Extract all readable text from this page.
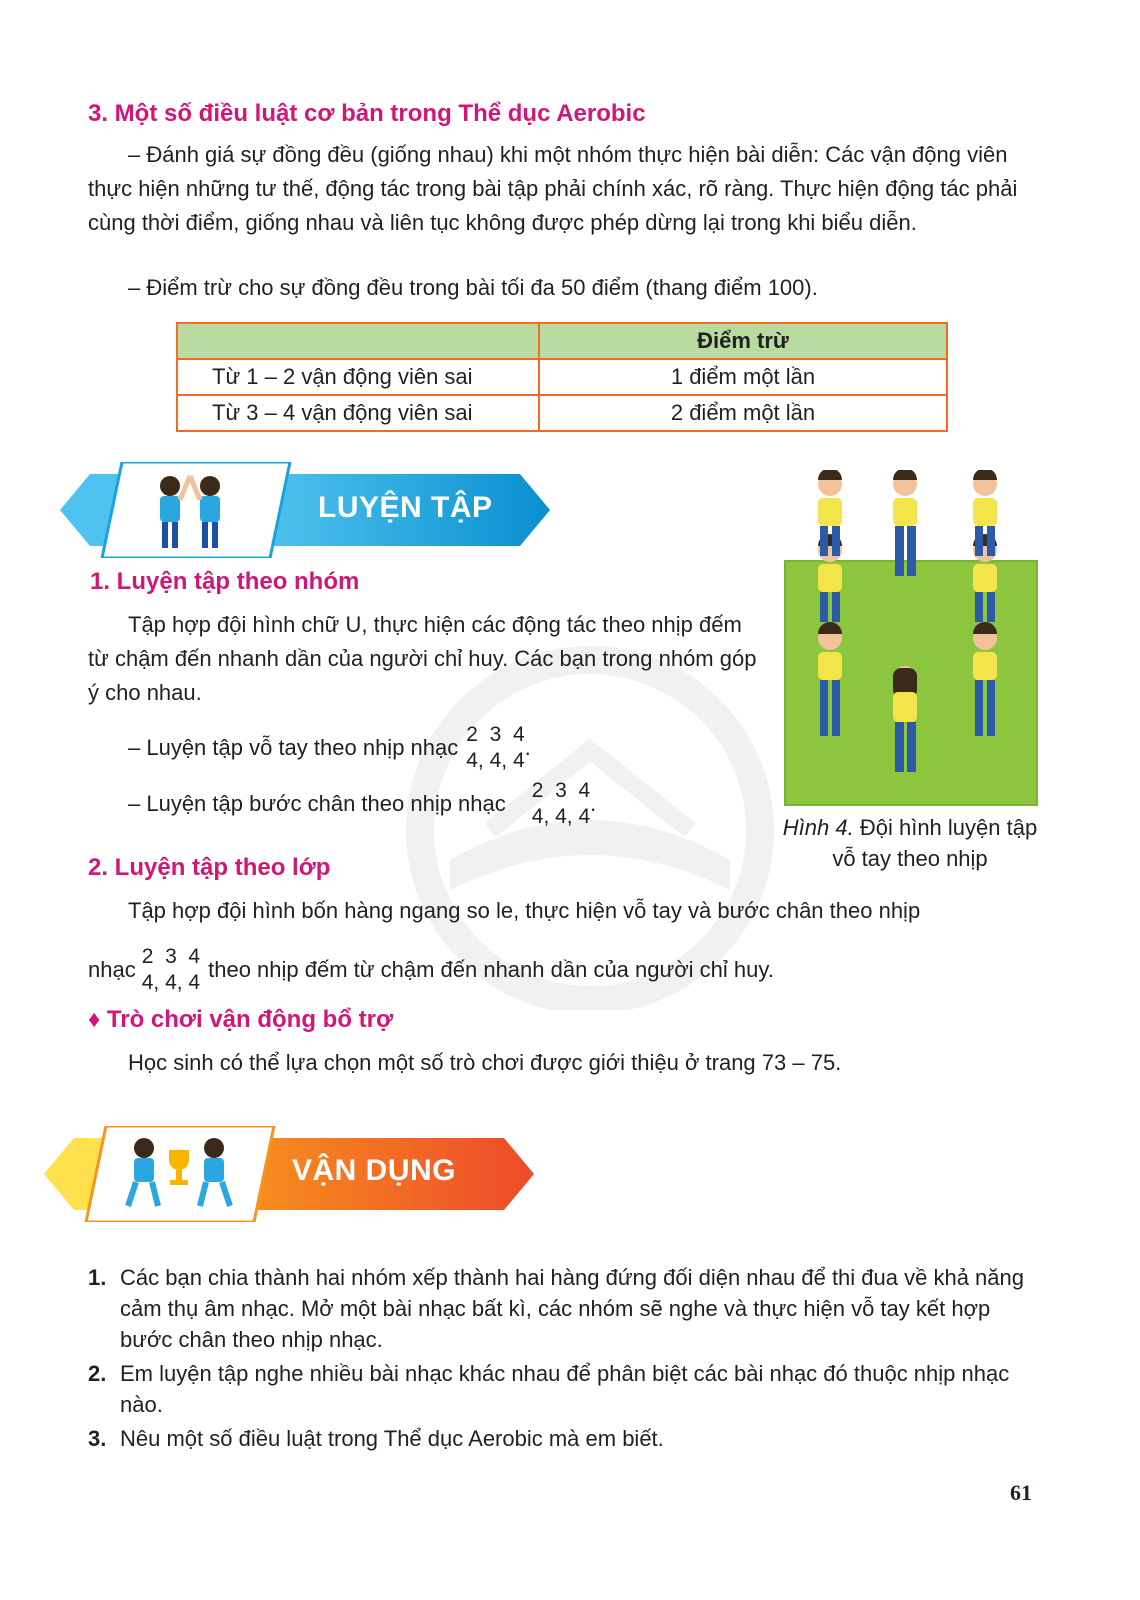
3. Một số điều luật cơ bản trong Thể dục Aerobic

– Đánh giá sự đồng đều (giống nhau) khi một nhóm thực hiện bài diễn: Các vận động viên thực hiện những tư thế, động tác trong bài tập phải chính xác, rõ ràng. Thực hiện động tác phải cùng thời điểm, giống nhau và liên tục không được phép dừng lại trong khi biểu diễn.

– Điểm trừ cho sự đồng đều trong bài tối đa 50 điểm (thang điểm 100).

	Điểm trừ
Từ 1 – 2 vận động viên sai	1 điểm một lần
Từ 3 – 4 vận động viên sai	2 điểm một lần
LUYỆN TẬP
1. Luyện tập theo nhóm

Tập hợp đội hình chữ U, thực hiện các động tác theo nhịp đếm từ chậm đến nhanh dần của người chỉ huy. Các bạn trong nhóm góp ý cho nhau.

– Luyện tập vỗ tay theo nhịp nhạc
2  3  4
4, 4, 4
.
– Luyện tập bước chân theo nhịp nhạc
2  3  4
4, 4, 4
.
Hình 4. Đội hình luyện tập vỗ tay theo nhịp
2. Luyện tập theo lớp

Tập hợp đội hình bốn hàng ngang so le, thực hiện vỗ tay và bước chân theo nhịp

nhạc
2  3  4
4, 4, 4
theo nhịp đếm từ chậm đến nhanh dần của người chỉ huy.
♦ Trò chơi vận động bổ trợ

Học sinh có thể lựa chọn một số trò chơi được giới thiệu ở trang 73 – 75.

VẬN DỤNG
1. Các bạn chia thành hai nhóm xếp thành hai hàng đứng đối diện nhau để thi đua về khả năng cảm thụ âm nhạc. Mở một bài nhạc bất kì, các nhóm sẽ nghe và thực hiện vỗ tay kết hợp bước chân theo nhịp nhạc.
2. Em luyện tập nghe nhiều bài nhạc khác nhau để phân biệt các bài nhạc đó thuộc nhịp nhạc nào.
3. Nêu một số điều luật trong Thể dục Aerobic mà em biết.
61
